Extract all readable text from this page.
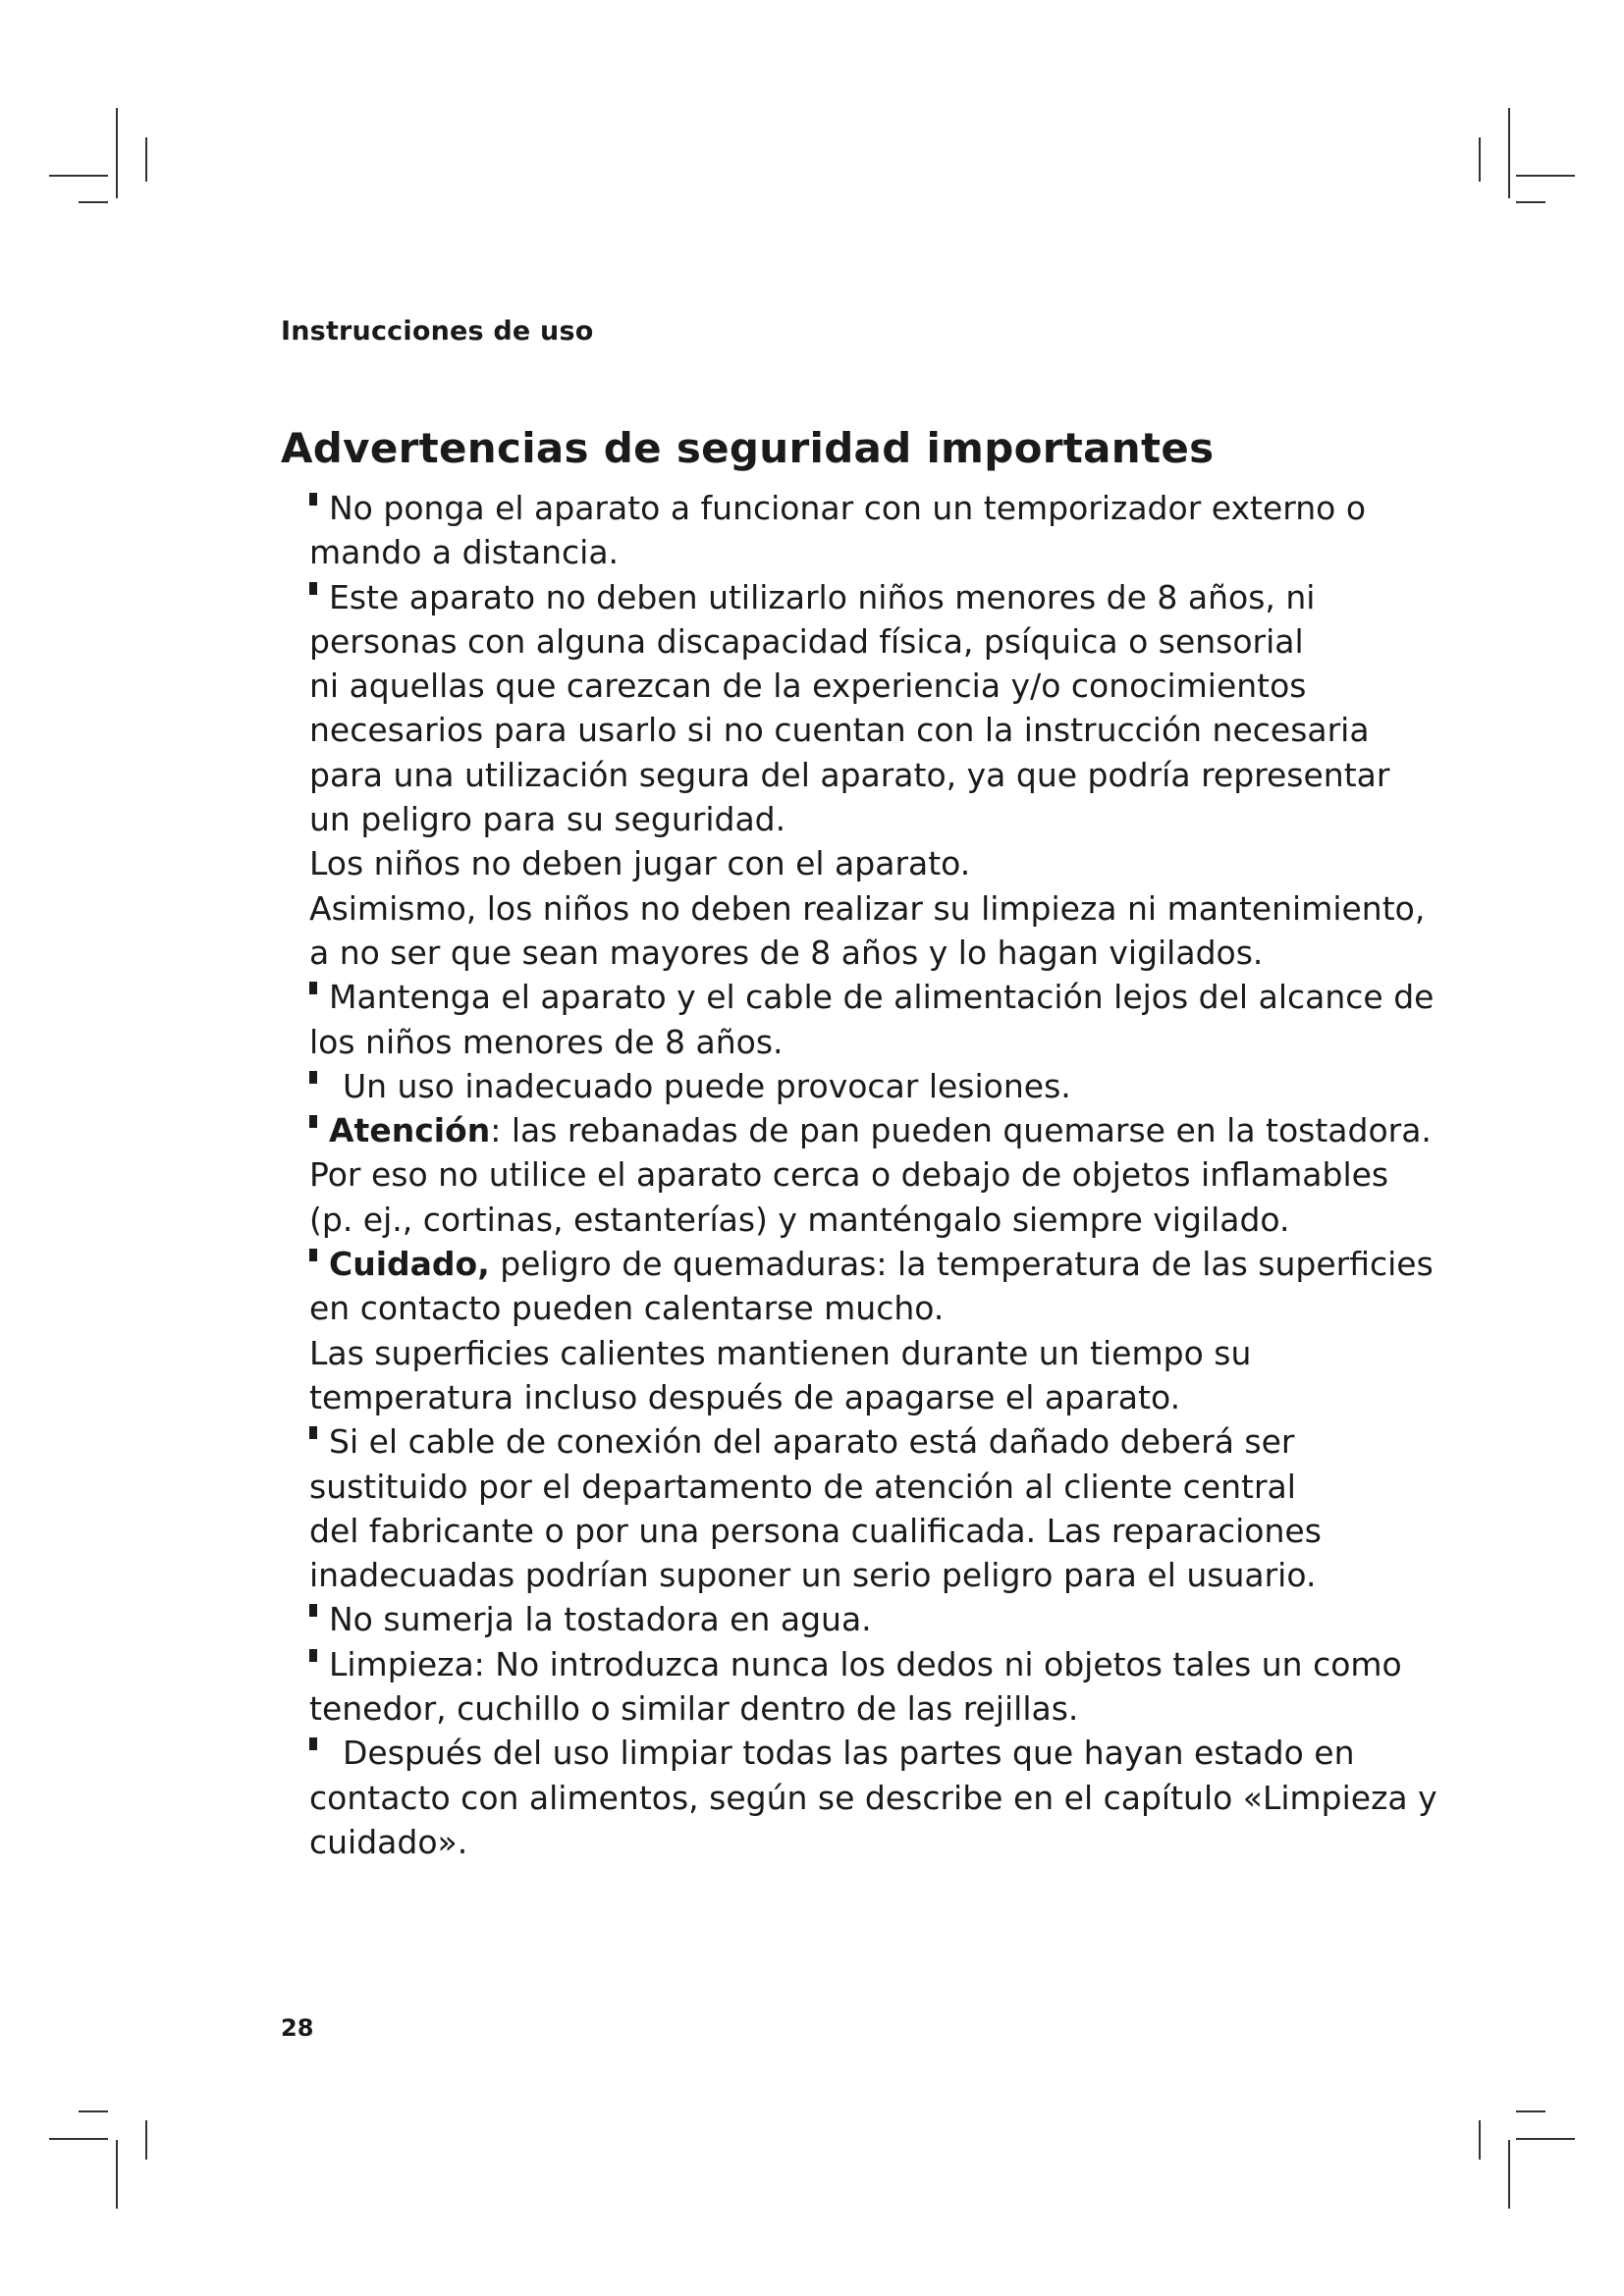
Instrucciones de uso
Advertencias de seguridad importantes
No ponga el aparato a funcionar con un temporizador externo o
mando a distancia.
Este aparato no deben utilizarlo niños menores de 8 años, ni
personas con alguna discapacidad física, psíquica o sensorial
ni aquellas que carezcan de la experiencia y/o conocimientos
necesarios para usarlo si no cuentan con la instrucción necesaria
para una utilización segura del aparato, ya que podría representar
un peligro para su seguridad.
Los niños no deben jugar con el aparato.
Asimismo, los niños no deben realizar su limpieza ni mantenimiento,
a no ser que sean mayores de 8 años y lo hagan vigilados.
Mantenga el aparato y el cable de alimentación lejos del alcance de
los niños menores de 8 años.
Un uso inadecuado puede provocar lesiones.
Atención: las rebanadas de pan pueden quemarse en la tostadora.
Por eso no utilice el aparato cerca o debajo de objetos inflamables
(p. ej., cortinas, estanterías) y manténgalo siempre vigilado.
Cuidado, peligro de quemaduras: la temperatura de las superficies
en contacto pueden calentarse mucho.
Las superficies calientes mantienen durante un tiempo su
temperatura incluso después de apagarse el aparato.
Si el cable de conexión del aparato está dañado deberá ser
sustituido por el departamento de atención al cliente central
del fabricante o por una persona cualificada. Las reparaciones
inadecuadas podrían suponer un serio peligro para el usuario.
No sumerja la tostadora en agua.
Limpieza: No introduzca nunca los dedos ni objetos tales un como
tenedor, cuchillo o similar dentro de las rejillas.
Después del uso limpiar todas las partes que hayan estado en
contacto con alimentos, según se describe en el capítulo «Limpieza y
cuidado».
28
